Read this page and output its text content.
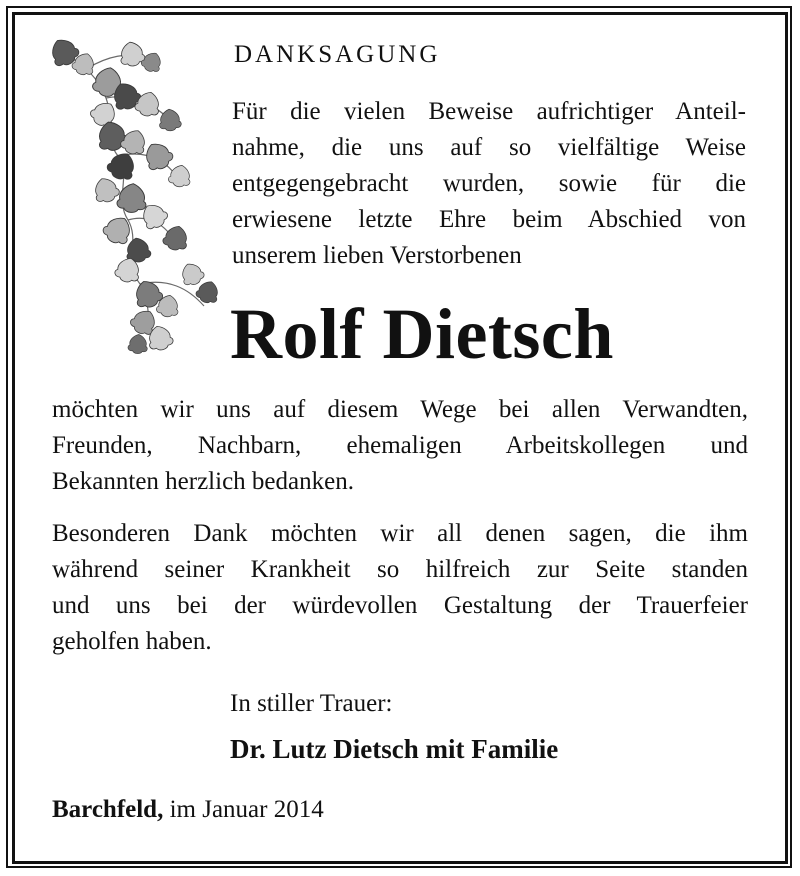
DANKSAGUNG

Für die vielen Beweise aufrichtiger Anteil-
nahme, die uns auf so vielfältige Weise
entgegengebracht wurden, sowie für die
erwiesene letzte Ehre beim Abschied von
unserem lieben Verstorbenen

Rolf Dietsch

möchten wir uns auf diesem Wege bei allen Verwandten,
Freunden, Nachbarn, ehemaligen Arbeitskollegen und
Bekannten herzlich bedanken.

Besonderen Dank möchten wir all denen sagen, die ihm
während seiner Krankheit so hilfreich zur Seite standen
und uns bei der würdevollen Gestaltung der Trauerfeier
geholfen haben.

In stiller Trauer:
Dr. Lutz Dietsch mit Familie
Barchfeld, im Januar 2014
